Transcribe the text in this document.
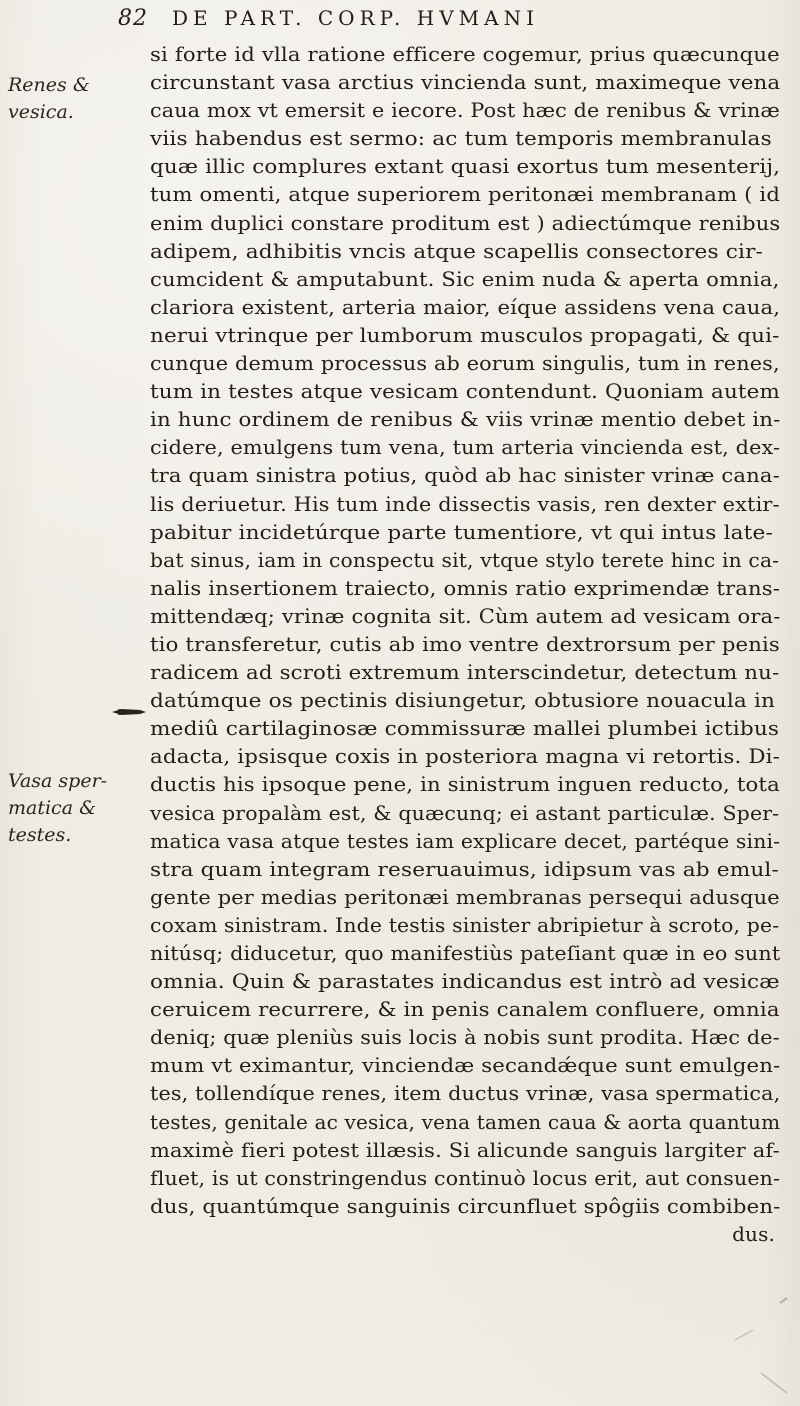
82 DE PART. CORP. HVMANI
Renes &
vesica.
Vasa sper-
matica &
testes.
si forte id vlla ratione efficere cogemur, prius quæcunque
circunstant vasa arctius vincienda sunt, maximeque vena
caua mox vt emersit e iecore. Post hæc de renibus & vrinæ
viis habendus est sermo: ac tum temporis membranulas
quæ illic complures extant quasi exortus tum mesenterij,
tum omenti, atque superiorem peritonæi membranam ( id
enim duplici constare proditum est ) adiectúmque renibus
adipem, adhibitis vncis atque scapellis consectores cir-
cumcident & amputabunt. Sic enim nuda & aperta omnia,
clariora existent, arteria maior, eíque assidens vena caua,
nerui vtrinque per lumborum musculos propagati, & qui-
cunque demum processus ab eorum singulis, tum in renes,
tum in testes atque vesicam contendunt. Quoniam autem
in hunc ordinem de renibus & viis vrinæ mentio debet in-
cidere, emulgens tum vena, tum arteria vincienda est, dex-
tra quam sinistra potius, quòd ab hac sinister vrinæ cana-
lis deriuetur. His tum inde dissectis vasis, ren dexter extir-
pabitur incidetúrque parte tumentiore, vt qui intus late-
bat sinus, iam in conspectu sit, vtque stylo terete hinc in ca-
nalis insertionem traiecto, omnis ratio exprimendæ trans-
mittendæq; vrinæ cognita sit. Cùm autem ad vesicam ora-
tio transferetur, cutis ab imo ventre dextrorsum per penis
radicem ad scroti extremum interscindetur, detectum nu-
datúmque os pectinis disiungetur, obtusiore nouacula in
mediû cartilaginosæ commissuræ mallei plumbei ictibus
adacta, ipsisque coxis in posteriora magna vi retortis. Di-
ductis his ipsoque pene, in sinistrum inguen reducto, tota
vesica propalàm est, & quæcunq; ei astant particulæ. Sper-
matica vasa atque testes iam explicare decet, partéque sini-
stra quam integram reseruauimus, idipsum vas ab emul-
gente per medias peritonæi membranas persequi adusque
coxam sinistram. Inde testis sinister abripietur à scroto, pe-
nitúsq; diducetur, quo manifestiùs pateſiant quæ in eo sunt
omnia. Quin & parastates indicandus est intrò ad vesicæ
ceruicem recurrere, & in penis canalem confluere, omnia
deniq; quæ pleniùs suis locis à nobis sunt prodita. Hæc de-
mum vt eximantur, vinciendæ secandǽque sunt emulgen-
tes, tollendíque renes, item ductus vrinæ, vasa spermatica,
testes, genitale ac vesica, vena tamen caua & aorta quantum
maximè fieri potest illæsis. Si alicunde sanguis largiter af-
fluet, is ut constringendus continuò locus erit, aut consuen-
dus, quantúmque sanguinis circunfluet spôgiis combiben-
dus.
